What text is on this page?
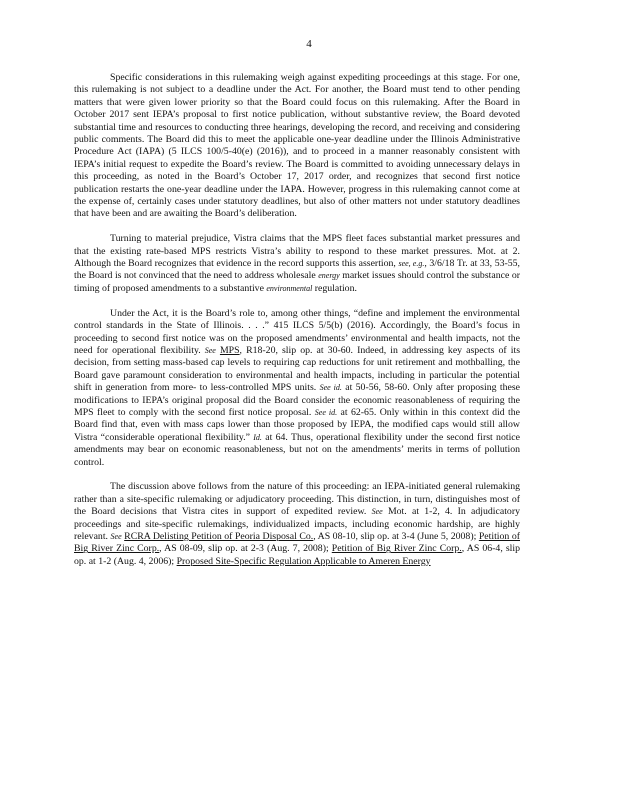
4

Specific considerations in this rulemaking weigh against expediting proceedings at this stage. For one, this rulemaking is not subject to a deadline under the Act. For another, the Board must tend to other pending matters that were given lower priority so that the Board could focus on this rulemaking. After the Board in October 2017 sent IEPA’s proposal to first notice publication, without substantive review, the Board devoted substantial time and resources to conducting three hearings, developing the record, and receiving and considering public comments. The Board did this to meet the applicable one-year deadline under the Illinois Administrative Procedure Act (IAPA) (5 ILCS 100/5-40(e) (2016)), and to proceed in a manner reasonably consistent with IEPA’s initial request to expedite the Board’s review. The Board is committed to avoiding unnecessary delays in this proceeding, as noted in the Board’s October 17, 2017 order, and recognizes that second first notice publication restarts the one-year deadline under the IAPA. However, progress in this rulemaking cannot come at the expense of, certainly cases under statutory deadlines, but also of other matters not under statutory deadlines that have been and are awaiting the Board’s deliberation.

Turning to material prejudice, Vistra claims that the MPS fleet faces substantial market pressures and that the existing rate-based MPS restricts Vistra’s ability to respond to these market pressures. Mot. at 2. Although the Board recognizes that evidence in the record supports this assertion, see, e.g., 3/6/18 Tr. at 33, 53-55, the Board is not convinced that the need to address wholesale energy market issues should control the substance or timing of proposed amendments to a substantive environmental regulation.

Under the Act, it is the Board’s role to, among other things, “define and implement the environmental control standards in the State of Illinois. . . .” 415 ILCS 5/5(b) (2016). Accordingly, the Board’s focus in proceeding to second first notice was on the proposed amendments’ environmental and health impacts, not the need for operational flexibility. See MPS, R18-20, slip op. at 30-60. Indeed, in addressing key aspects of its decision, from setting mass-based cap levels to requiring cap reductions for unit retirement and mothballing, the Board gave paramount consideration to environmental and health impacts, including in particular the potential shift in generation from more- to less-controlled MPS units. See id. at 50-56, 58-60. Only after proposing these modifications to IEPA’s original proposal did the Board consider the economic reasonableness of requiring the MPS fleet to comply with the second first notice proposal. See id. at 62-65. Only within in this context did the Board find that, even with mass caps lower than those proposed by IEPA, the modified caps would still allow Vistra “considerable operational flexibility.” Id. at 64. Thus, operational flexibility under the second first notice amendments may bear on economic reasonableness, but not on the amendments’ merits in terms of pollution control.

The discussion above follows from the nature of this proceeding: an IEPA-initiated general rulemaking rather than a site-specific rulemaking or adjudicatory proceeding. This distinction, in turn, distinguishes most of the Board decisions that Vistra cites in support of expedited review. See Mot. at 1-2, 4. In adjudicatory proceedings and site-specific rulemakings, individualized impacts, including economic hardship, are highly relevant. See RCRA Delisting Petition of Peoria Disposal Co., AS 08-10, slip op. at 3-4 (June 5, 2008); Petition of Big River Zinc Corp., AS 08-09, slip op. at 2-3 (Aug. 7, 2008); Petition of Big River Zinc Corp., AS 06-4, slip op. at 1-2 (Aug. 4, 2006); Proposed Site-Specific Regulation Applicable to Ameren Energy
